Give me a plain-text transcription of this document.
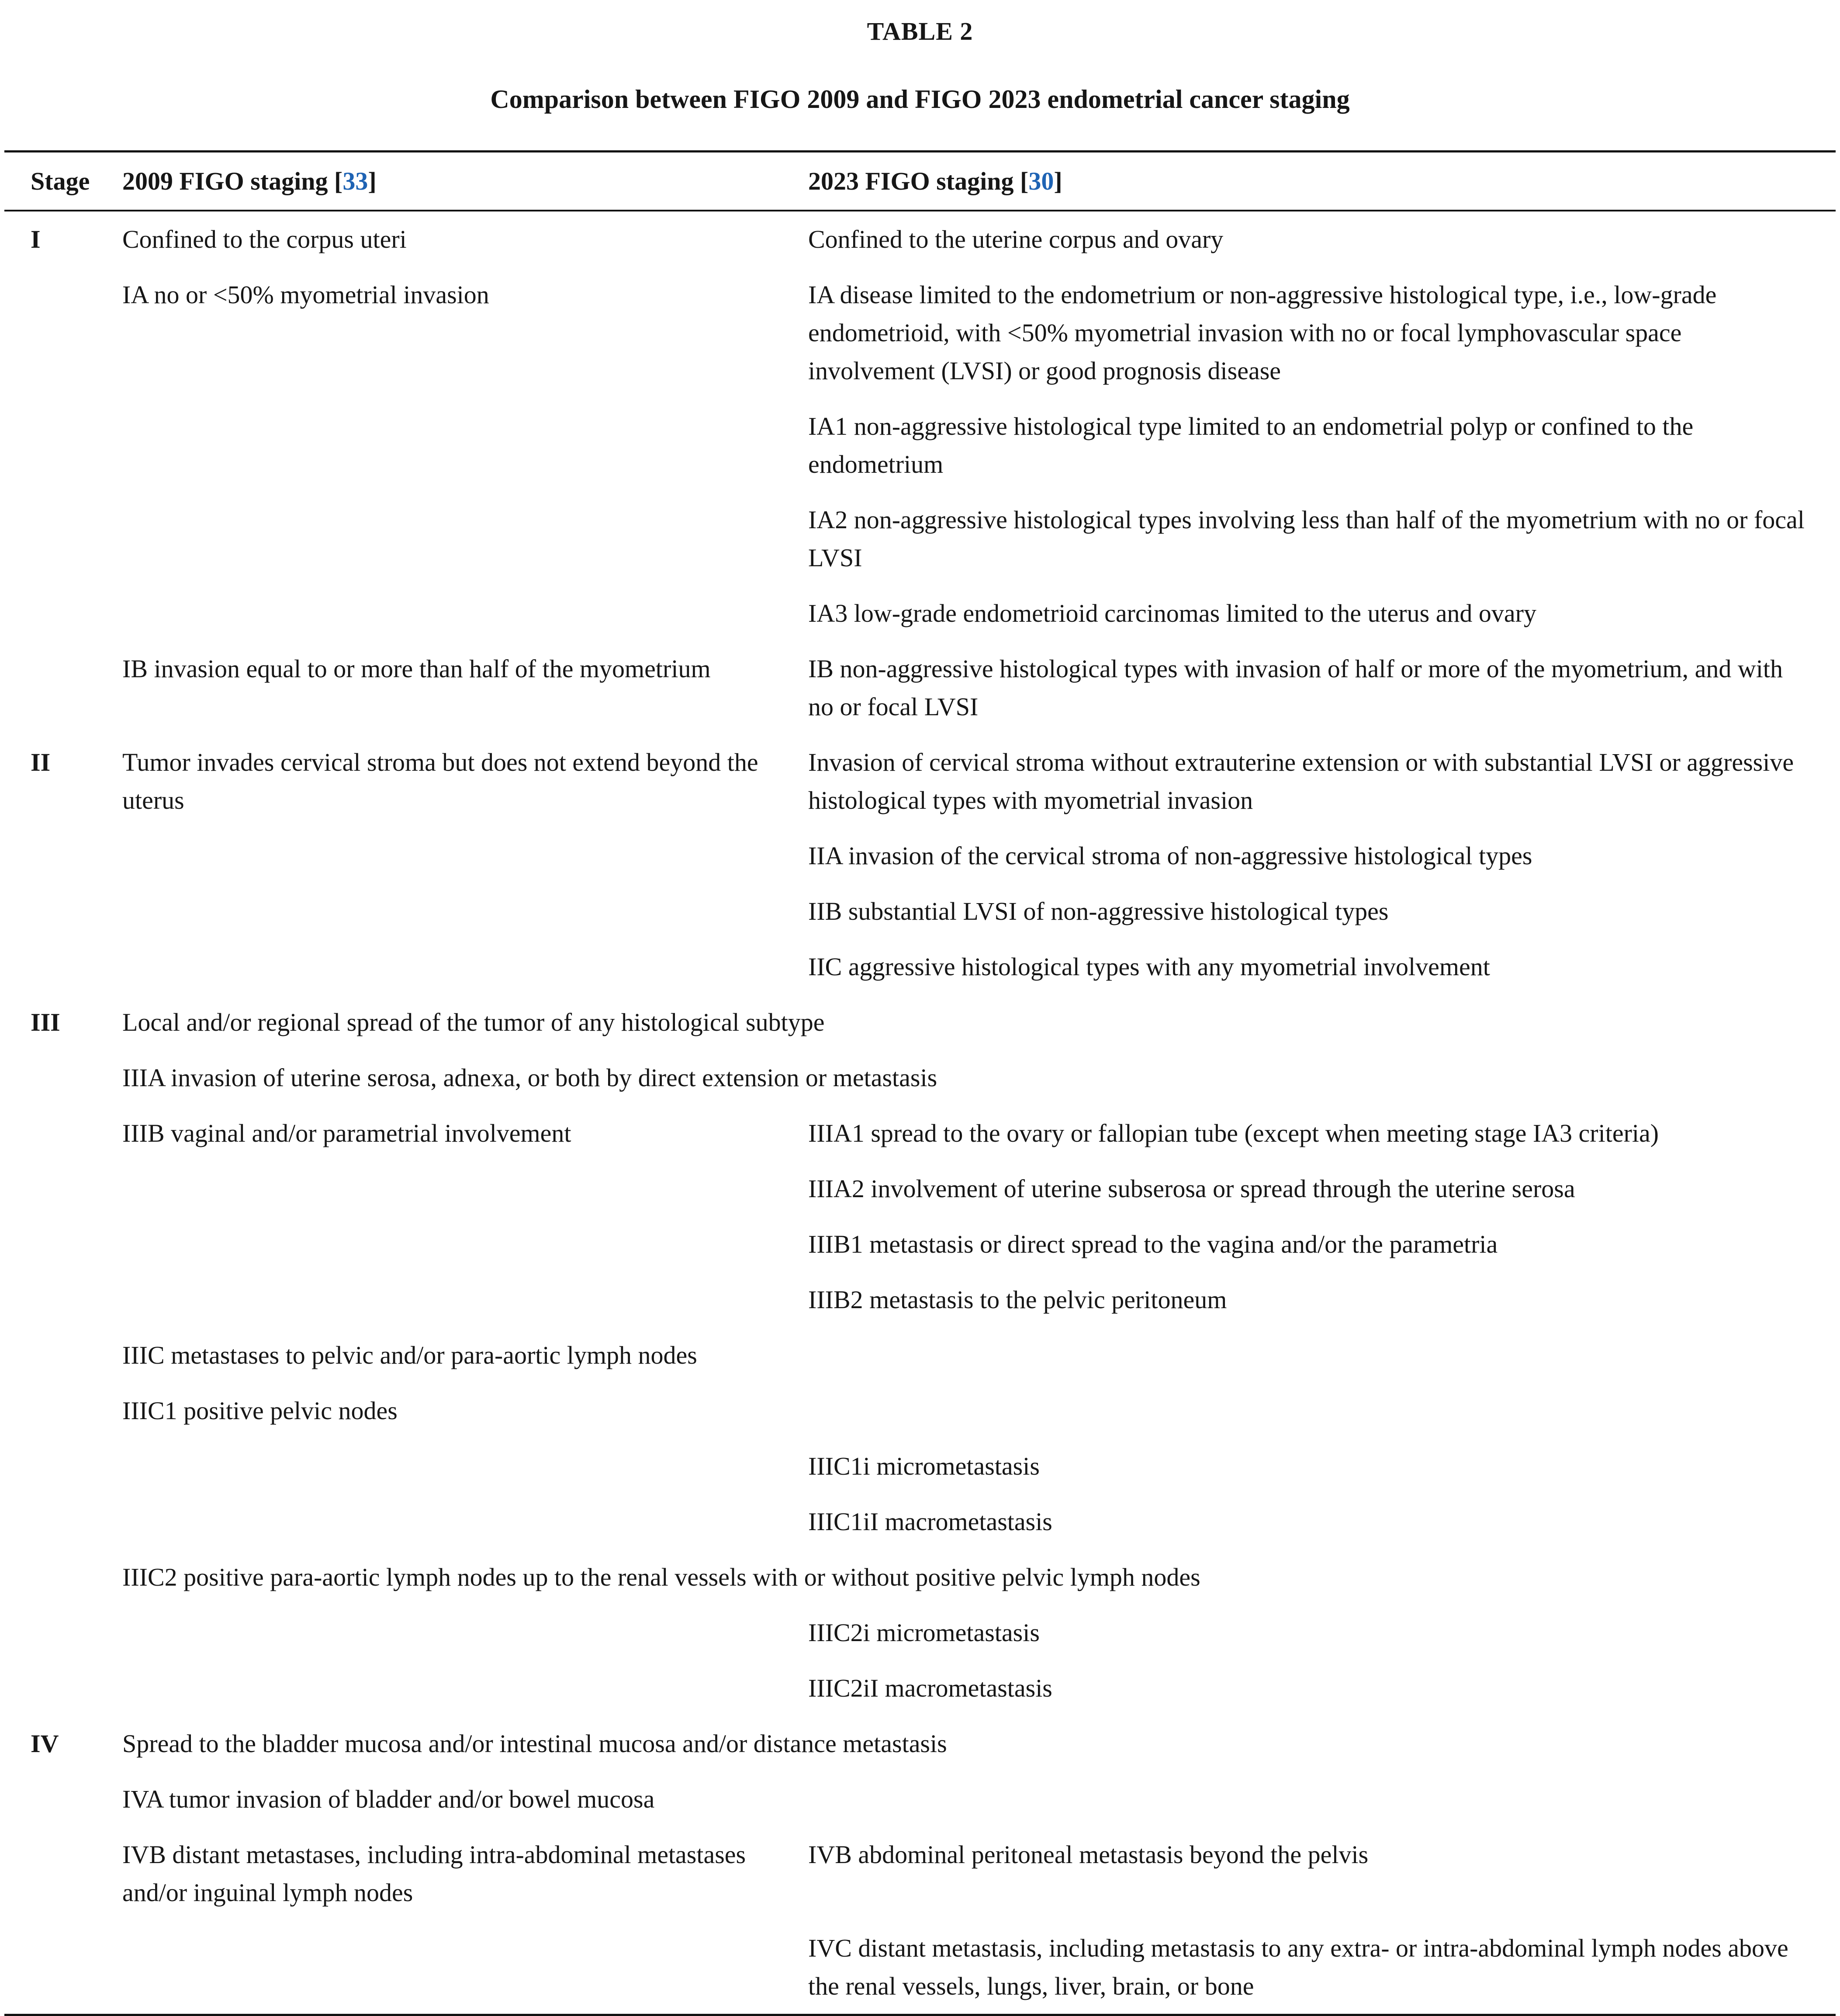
TABLE 2
Comparison between FIGO 2009 and FIGO 2023 endometrial cancer staging
Stage	2009 FIGO staging [33]	2023 FIGO staging [30]
I	Confined to the corpus uteri	Confined to the uterine corpus and ovary
	IA no or <50% myometrial invasion	IA disease limited to the endometrium or non-aggressive histological type, i.e., low-grade endometrioid, with <50% myometrial invasion with no or focal lymphovascular space involvement (LVSI) or good prognosis disease
		IA1 non-aggressive histological type limited to an endometrial polyp or confined to the endometrium
		IA2 non-aggressive histological types involving less than half of the myometrium with no or focal LVSI
		IA3 low-grade endometrioid carcinomas limited to the uterus and ovary
	IB invasion equal to or more than half of the myometrium	IB non-aggressive histological types with invasion of half or more of the myometrium, and with no or focal LVSI
II	Tumor invades cervical stroma but does not extend beyond the uterus	Invasion of cervical stroma without extrauterine extension or with substantial LVSI or aggressive histological types with myometrial invasion
		IIA invasion of the cervical stroma of non-aggressive histological types
		IIB substantial LVSI of non-aggressive histological types
		IIC aggressive histological types with any myometrial involvement
III	Local and/or regional spread of the tumor of any histological subtype	
	IIIA invasion of uterine serosa, adnexa, or both by direct extension or metastasis	
	IIIB vaginal and/or parametrial involvement	IIIA1 spread to the ovary or fallopian tube (except when meeting stage IA3 criteria)
		IIIA2 involvement of uterine subserosa or spread through the uterine serosa
		IIIB1 metastasis or direct spread to the vagina and/or the parametria
		IIIB2 metastasis to the pelvic peritoneum
	IIIC metastases to pelvic and/or para-aortic lymph nodes	
	IIIC1 positive pelvic nodes	
		IIIC1i micrometastasis
		IIIC1iI macrometastasis
	IIIC2 positive para-aortic lymph nodes up to the renal vessels with or without positive pelvic lymph nodes	
		IIIC2i micrometastasis
		IIIC2iI macrometastasis
IV	Spread to the bladder mucosa and/or intestinal mucosa and/or distance metastasis	
	IVA tumor invasion of bladder and/or bowel mucosa	
	IVB distant metastases, including intra-abdominal metastases and/or inguinal lymph nodes	IVB abdominal peritoneal metastasis beyond the pelvis
		IVC distant metastasis, including metastasis to any extra- or intra-abdominal lymph nodes above the renal vessels, lungs, liver, brain, or bone
